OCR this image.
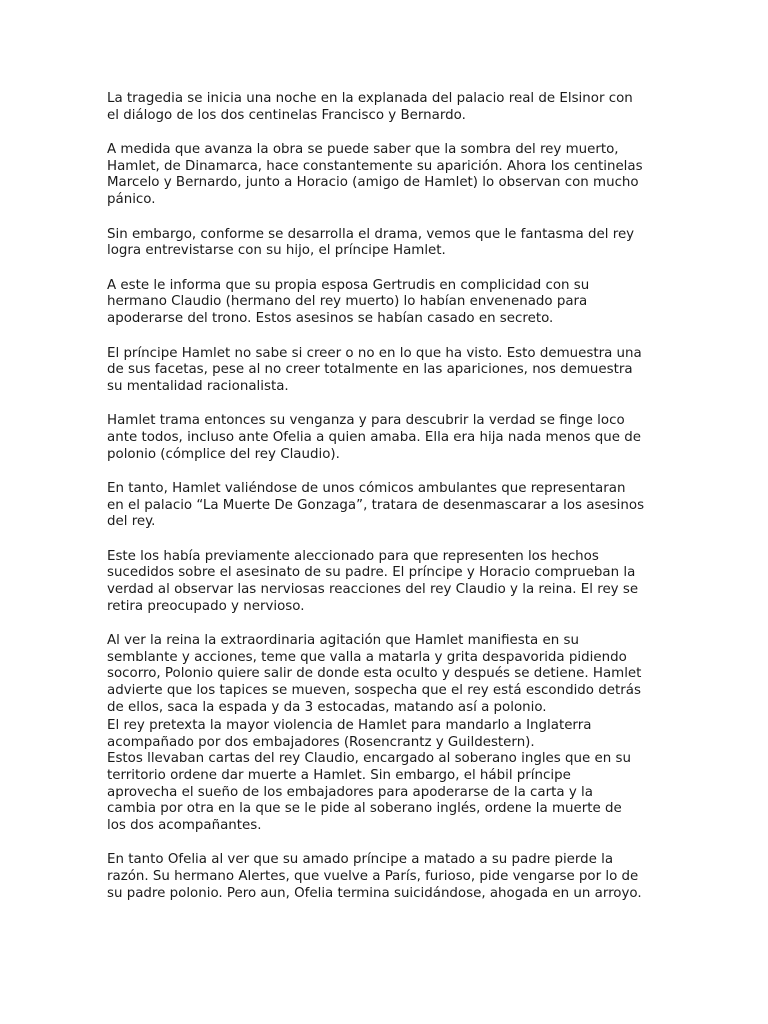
La tragedia se inicia una noche en la explanada del palacio real de Elsinor con
el diálogo de los dos centinelas Francisco y Bernardo.

A medida que avanza la obra se puede saber que la sombra del rey muerto,
Hamlet, de Dinamarca, hace constantemente su aparición. Ahora los centinelas
Marcelo y Bernardo, junto a Horacio (amigo de Hamlet) lo observan con mucho
pánico.

Sin embargo, conforme se desarrolla el drama, vemos que le fantasma del rey
logra entrevistarse con su hijo, el príncipe Hamlet.

A este le informa que su propia esposa Gertrudis en complicidad con su
hermano Claudio (hermano del rey muerto) lo habían envenenado para
apoderarse del trono. Estos asesinos se habían casado en secreto.

El príncipe Hamlet no sabe si creer o no en lo que ha visto. Esto demuestra una
de sus facetas, pese al no creer totalmente en las apariciones, nos demuestra
su mentalidad racionalista.

Hamlet trama entonces su venganza y para descubrir la verdad se finge loco
ante todos, incluso ante Ofelia a quien amaba. Ella era hija nada menos que de
polonio (cómplice del rey Claudio).

En tanto, Hamlet valiéndose de unos cómicos ambulantes que representaran
en el palacio “La Muerte De Gonzaga”, tratara de desenmascarar a los asesinos
del rey.

Este los había previamente aleccionado para que representen los hechos
sucedidos sobre el asesinato de su padre. El príncipe y Horacio comprueban la
verdad al observar las nerviosas reacciones del rey Claudio y la reina. El rey se
retira preocupado y nervioso.

Al ver la reina la extraordinaria agitación que Hamlet manifiesta en su
semblante y acciones, teme que valla a matarla y grita despavorida pidiendo
socorro, Polonio quiere salir de donde esta oculto y después se detiene. Hamlet
advierte que los tapices se mueven, sospecha que el rey está escondido detrás
de ellos, saca la espada y da 3 estocadas, matando así a polonio.

El rey pretexta la mayor violencia de Hamlet para mandarlo a Inglaterra
acompañado por dos embajadores (Rosencrantz y Guildestern).
Estos llevaban cartas del rey Claudio, encargado al soberano ingles que en su
territorio ordene dar muerte a Hamlet. Sin embargo, el hábil príncipe
aprovecha el sueño de los embajadores para apoderarse de la carta y la
cambia por otra en la que se le pide al soberano inglés, ordene la muerte de
los dos acompañantes.

En tanto Ofelia al ver que su amado príncipe a matado a su padre pierde la
razón. Su hermano Alertes, que vuelve a París, furioso, pide vengarse por lo de
su padre polonio. Pero aun, Ofelia termina suicidándose, ahogada en un arroyo.
